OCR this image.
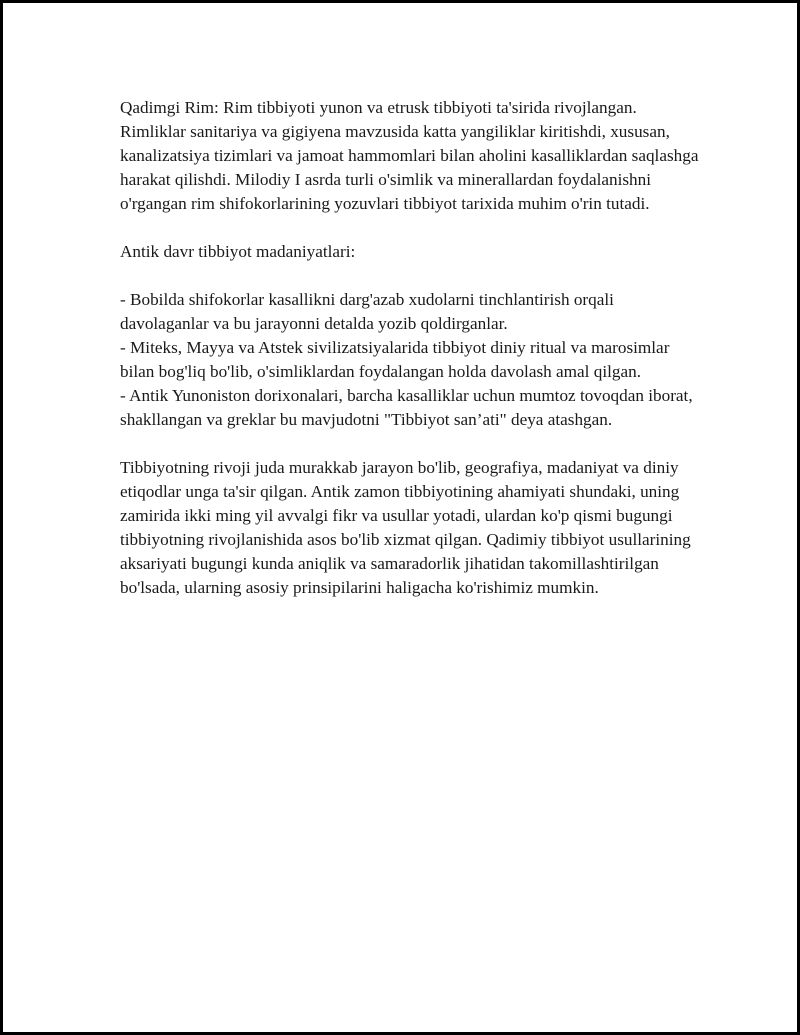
Qadimgi Rim: Rim tibbiyoti yunon va etrusk tibbiyoti ta'sirida rivojlangan. Rimliklar sanitariya va gigiyena mavzusida katta yangiliklar kiritishdi, xususan, kanalizatsiya tizimlari va jamoat hammomlari bilan aholini kasalliklardan saqlashga harakat qilishdi. Milodiy I asrda turli o'simlik va minerallardan foydalanishni o'rgangan rim shifokorlarining yozuvlari tibbiyot tarixida muhim o'rin tutadi.

Antik davr tibbiyot madaniyatlari:

- Bobilda shifokorlar kasallikni darg'azab xudolarni tinchlantirish orqali davolaganlar va bu jarayonni detalda yozib qoldirganlar.

- Miteks, Mayya va Atstek sivilizatsiyalarida tibbiyot diniy ritual va marosimlar bilan bog'liq bo'lib, o'simliklardan foydalangan holda davolash amal qilgan.

- Antik Yunoniston dorixonalari, barcha kasalliklar uchun mumtoz tovoqdan iborat, shakllangan va greklar bu mavjudotni "Tibbiyot san’ati" deya atashgan.

Tibbiyotning rivoji juda murakkab jarayon bo'lib, geografiya, madaniyat va diniy etiqodlar unga ta'sir qilgan. Antik zamon tibbiyotining ahamiyati shundaki, uning zamirida ikki ming yil avvalgi fikr va usullar yotadi, ulardan ko'p qismi bugungi tibbiyotning rivojlanishida asos bo'lib xizmat qilgan. Qadimiy tibbiyot usullarining aksariyati bugungi kunda aniqlik va samaradorlik jihatidan takomillashtirilgan bo'lsada, ularning asosiy prinsipilarini haligacha ko'rishimiz mumkin.
